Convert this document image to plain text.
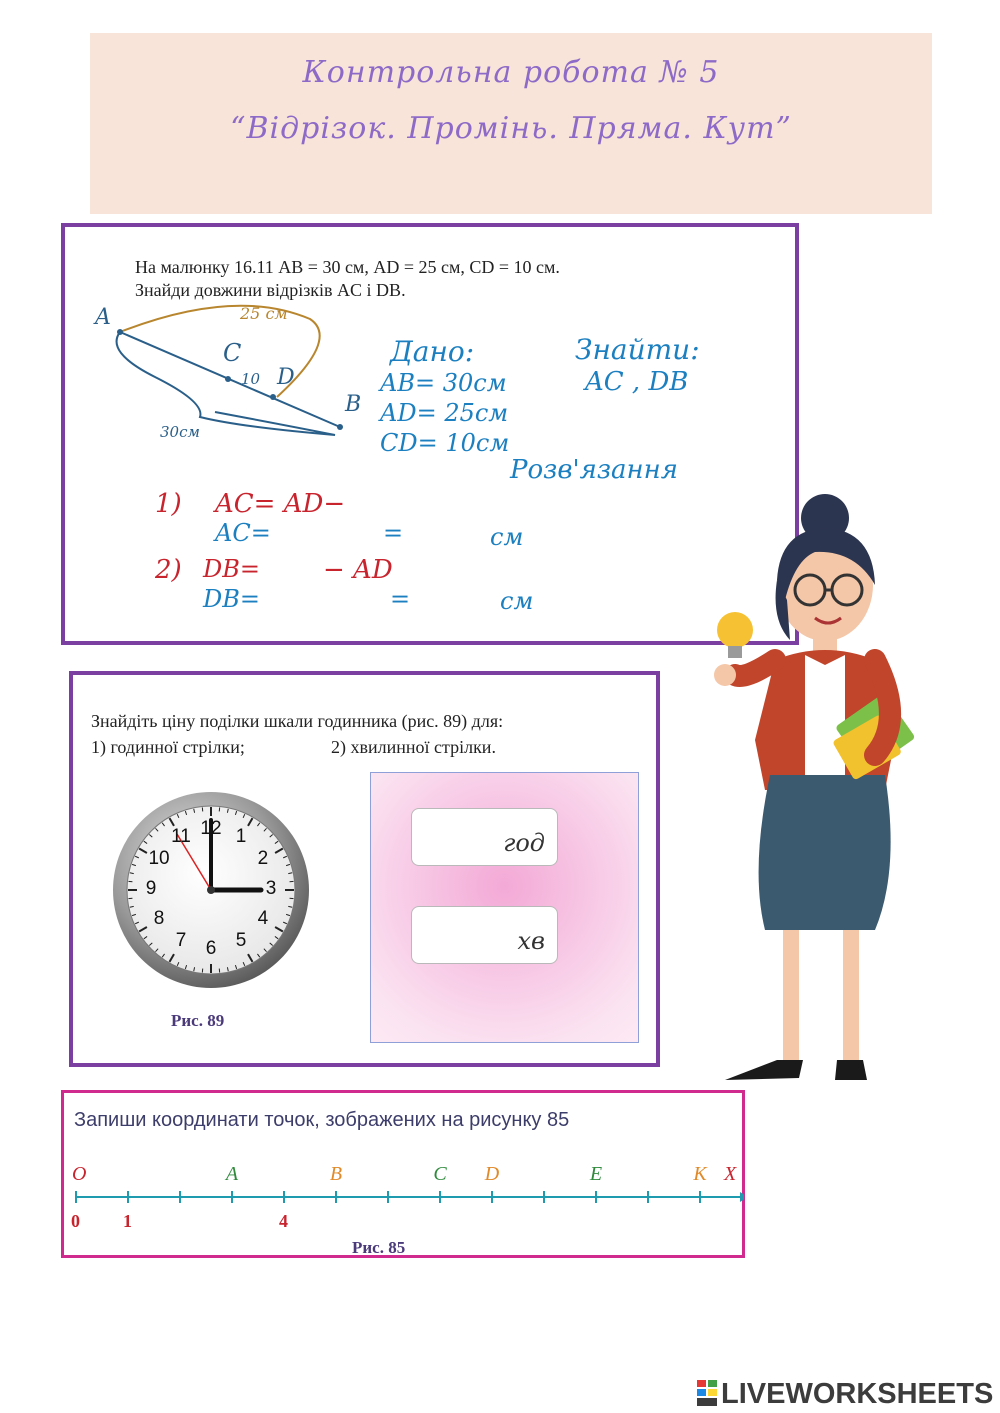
Контрольна робота № 5
“Відрізок. Промінь. Пряма. Кут”
На малюнку 16.11 AB = 30 см, AD = 25 см, CD = 10 см.
Знайди довжини відрізків AC і DB.
A
B
C
D
25 см
10
30см
Дано:
AB= 30см
AD= 25см
CD= 10см
Знайти:
AC , DB
Розв'язання
1) AC= AD−
AC=	=	см
2) DB= − AD
DB=	=	см
Знайдіть ціну поділки шкали годинника (рис. 89) для:
1) годинної стрілки;	2) хвилинної стрілки.
12 1
2
3
4
5
6
7
8
9
10
11
Рис. 89
год
хв
Запиши координати точок, зображених на рисунку 85
A	B	C D	E	K
O	X
0 1	4
Рис. 85
LIVEWORKSHEETS
